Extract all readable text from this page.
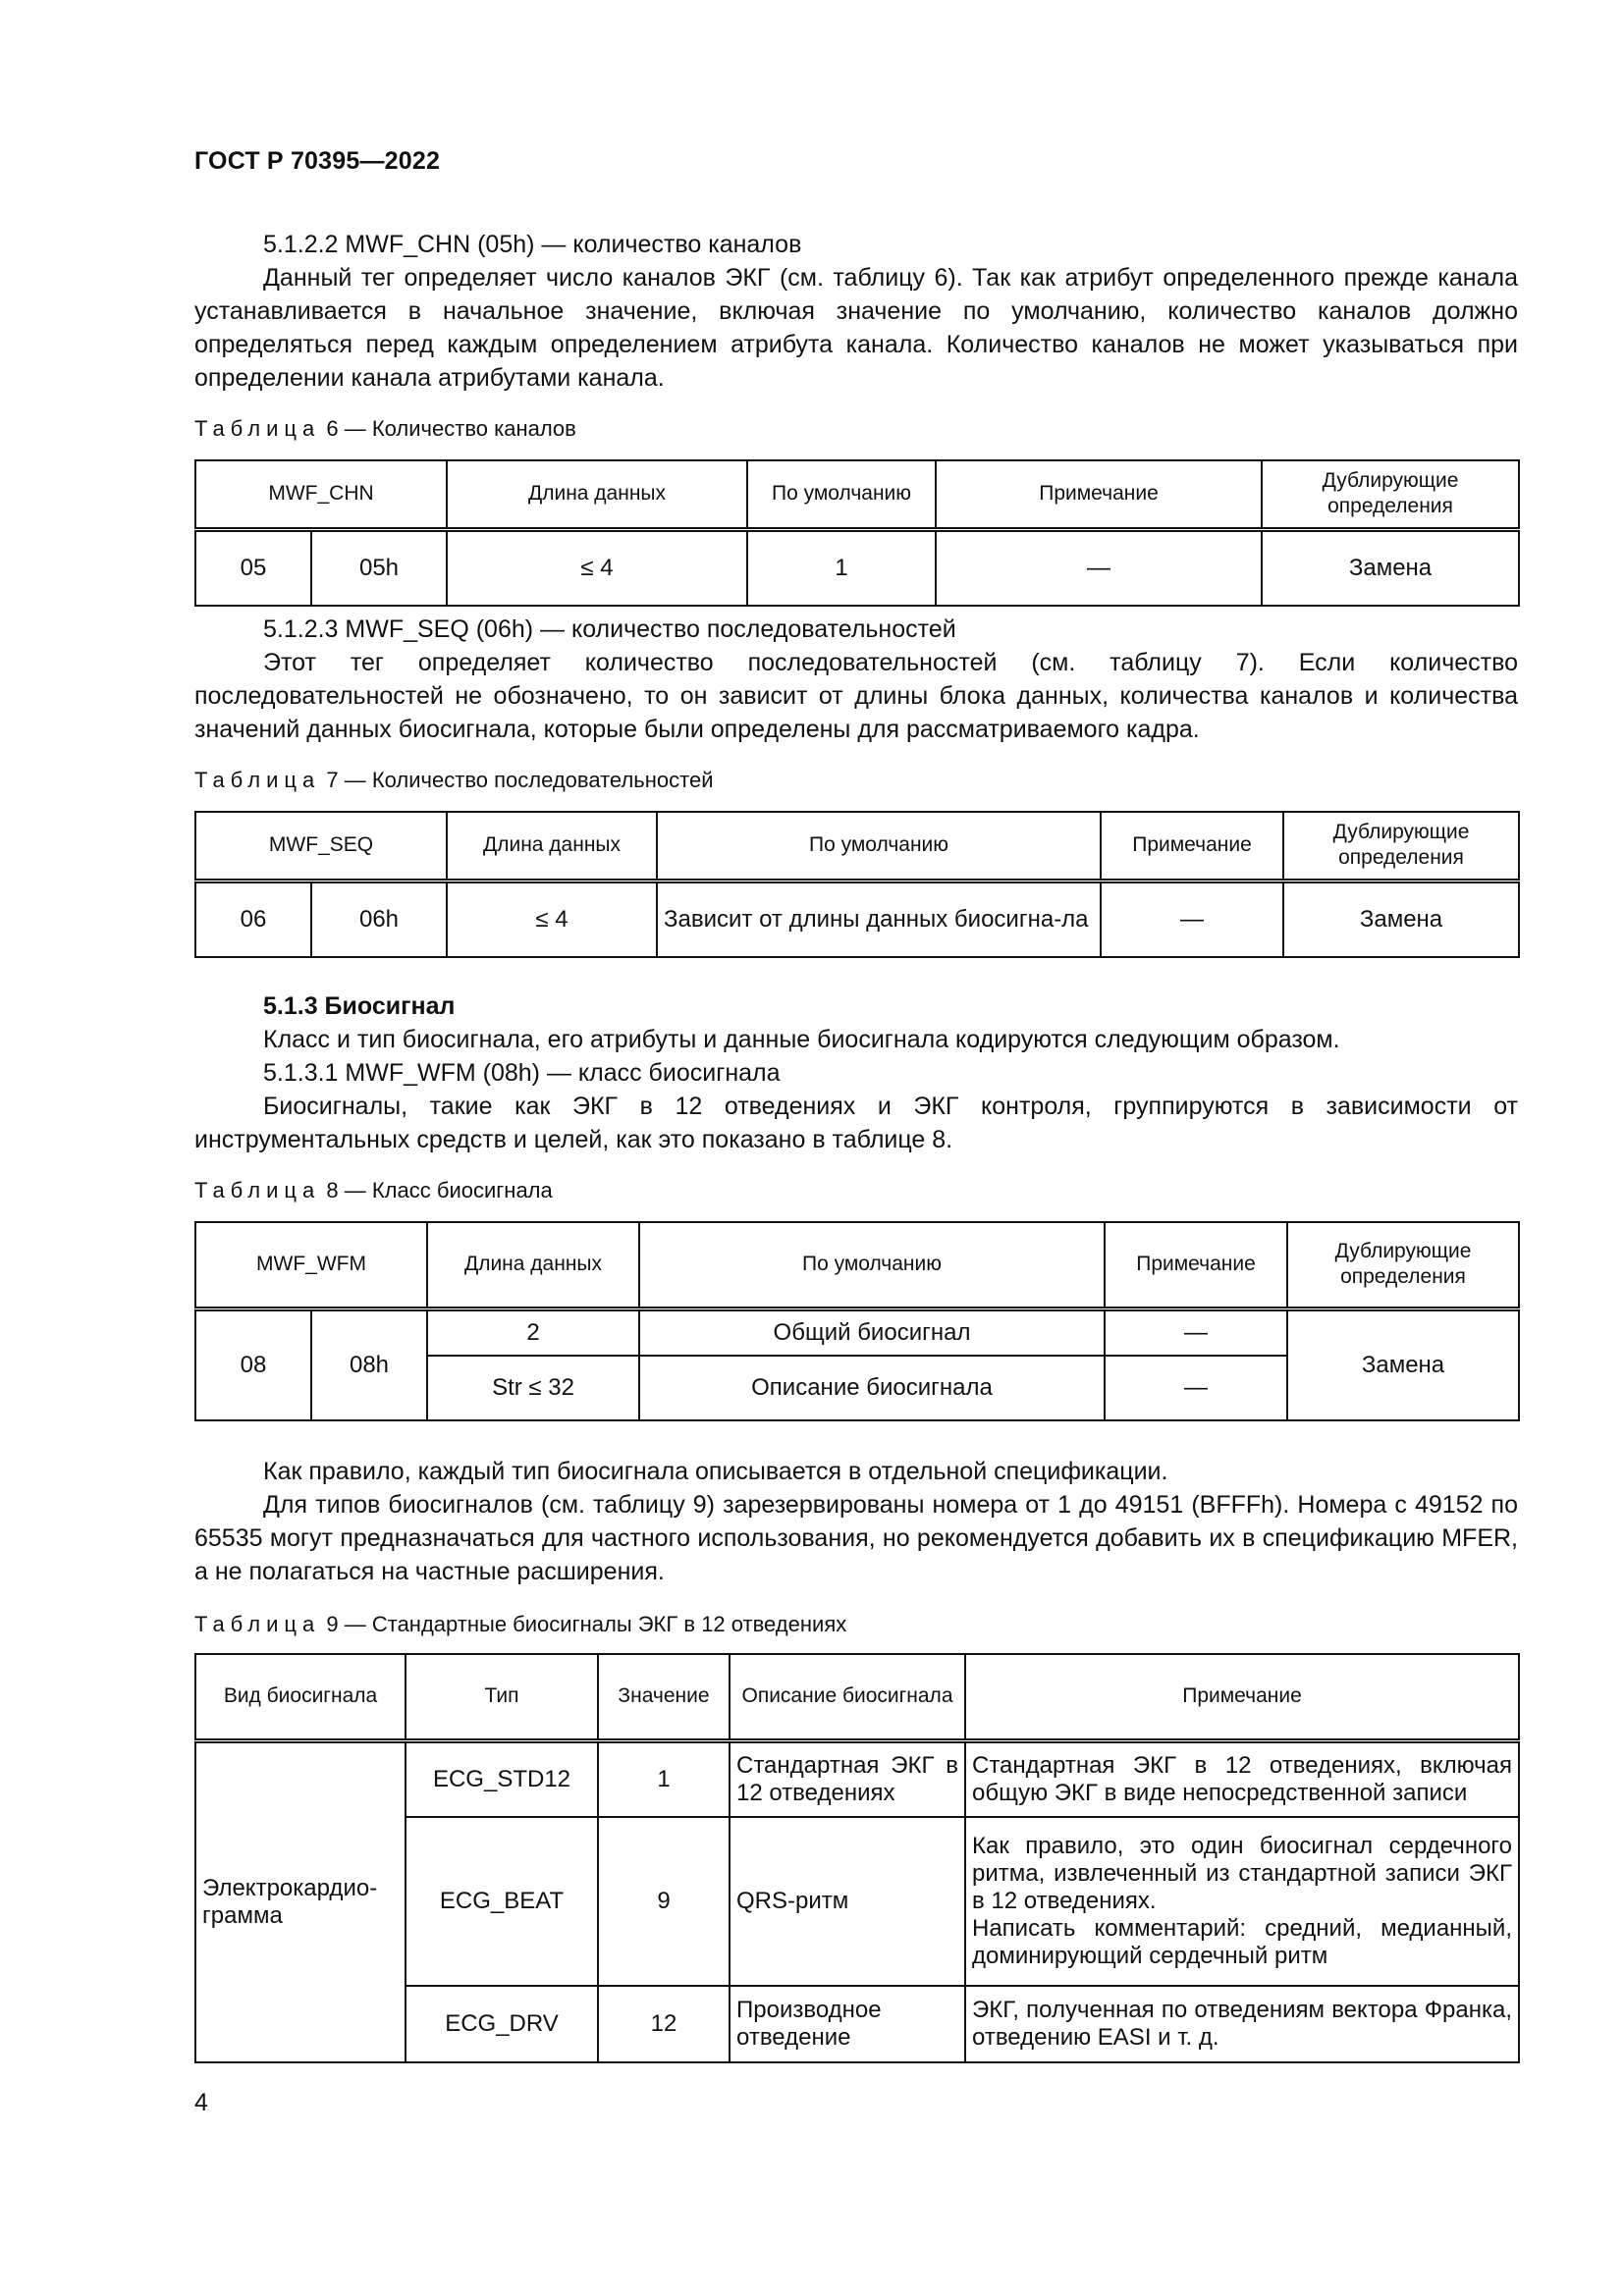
ГОСТ Р 70395—2022

5.1.2.2 MWF_CHN (05h) — количество каналов

Данный тег определяет число каналов ЭКГ (см. таблицу 6). Так как атрибут определенного прежде канала устанавливается в начальное значение, включая значение по умолчанию, количество каналов должно определяться перед каждым определением атрибута канала. Количество каналов не может указываться при определении канала атрибутами канала.

Таблица 6 — Количество каналов
MWF_CHN		Длина данных	По умолчанию	Примечание	Дублирующие определения
05	05h	≤ 4	1	—	Замена

5.1.2.3 MWF_SEQ (06h) — количество последовательностей

Этот тег определяет количество последовательностей (см. таблицу 7). Если количество последовательностей не обозначено, то он зависит от длины блока данных, количества каналов и количества значений данных биосигнала, которые были определены для рассматриваемого кадра.

Таблица 7 — Количество последовательностей
MWF_SEQ		Длина данных	По умолчанию	Примечание	Дублирующие определения
06	06h	≤ 4	Зависит от длины данных биосигна-ла	—	Замена

5.1.3 Биосигнал

Класс и тип биосигнала, его атрибуты и данные биосигнала кодируются следующим образом.

5.1.3.1 MWF_WFM (08h) — класс биосигнала

Биосигналы, такие как ЭКГ в 12 отведениях и ЭКГ контроля, группируются в зависимости от инструментальных средств и целей, как это показано в таблице 8.

Таблица 8 — Класс биосигнала
MWF_WFM		Длина данных	По умолчанию	Примечание	Дублирующие определения
08	08h	2	Общий биосигнал	—	Замена
		Str ≤ 32	Описание биосигнала	—	

Как правило, каждый тип биосигнала описывается в отдельной спецификации.

Для типов биосигналов (см. таблицу 9) зарезервированы номера от 1 до 49151 (BFFFh). Номера с 49152 по 65535 могут предназначаться для частного использования, но рекомендуется добавить их в спецификацию MFER, а не полагаться на частные расширения.

Таблица 9 — Стандартные биосигналы ЭКГ в 12 отведениях
Вид биосигнала	Тип	Значение	Описание биосигнала	Примечание
Электрокардио-грамма	ECG_STD12	1	Стандартная ЭКГ в 12 отведениях	Стандартная ЭКГ в 12 отведениях, включая общую ЭКГ в виде непосредственной записи
	ECG_BEAT	9	QRS-ритм	Как правило, это один биосигнал сердечного ритма, извлеченный из стандартной записи ЭКГ в 12 отведениях.
Написать комментарий: средний, медианный, доминирующий сердечный ритм

	ECG_DRV	12	Производное отведение	ЭКГ, полученная по отведениям вектора Франка, отведению EASI и т. д.
4
